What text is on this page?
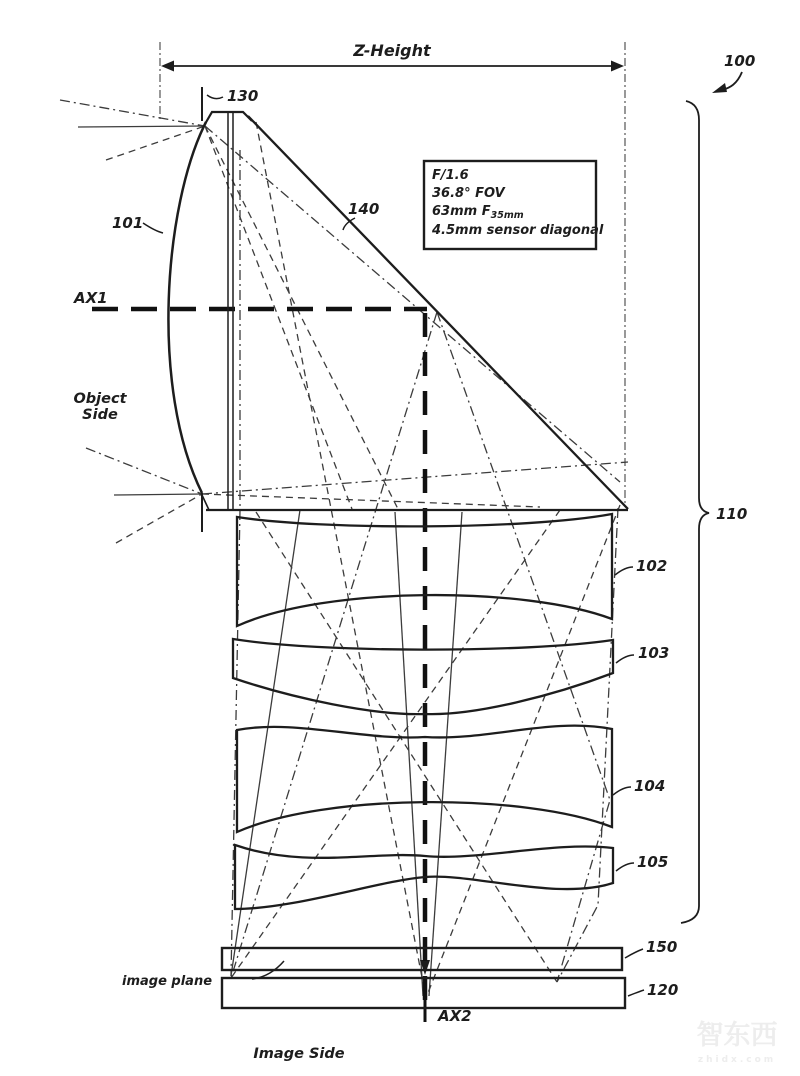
Z-Height
100
110
F/1.6
36.8° FOV
63mm $F_{35mm}$
4.5mm sensor diagonal
AX1
AX2
130
101
140
102
103
104
105
150
120
image plane
Object
Side
Image Side
智东西
zhidx.com
